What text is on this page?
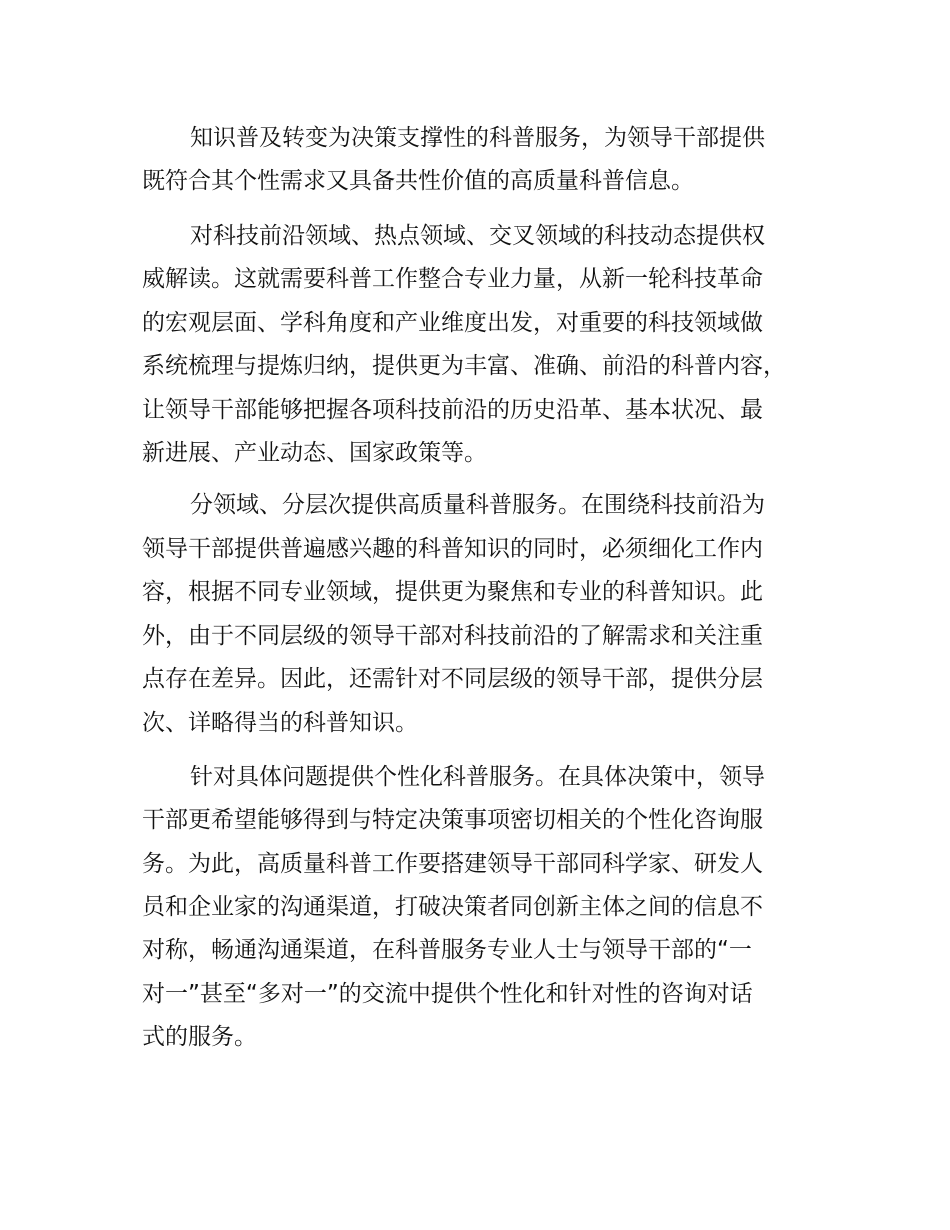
知识普及转变为决策支撑性的科普服务，为领导干部提供
既符合其个性需求又具备共性价值的高质量科普信息。
对科技前沿领域、热点领域、交叉领域的科技动态提供权
威解读。这就需要科普工作整合专业力量，从新一轮科技革命
的宏观层面、学科角度和产业维度出发，对重要的科技领域做
系统梳理与提炼归纳，提供更为丰富、准确、前沿的科普内容，
让领导干部能够把握各项科技前沿的历史沿革、基本状况、最
新进展、产业动态、国家政策等。
分领域、分层次提供高质量科普服务。在围绕科技前沿为
领导干部提供普遍感兴趣的科普知识的同时，必须细化工作内
容，根据不同专业领域，提供更为聚焦和专业的科普知识。此
外，由于不同层级的领导干部对科技前沿的了解需求和关注重
点存在差异。因此，还需针对不同层级的领导干部，提供分层
次、详略得当的科普知识。
针对具体问题提供个性化科普服务。在具体决策中，领导
干部更希望能够得到与特定决策事项密切相关的个性化咨询服
务。为此，高质量科普工作要搭建领导干部同科学家、研发人
员和企业家的沟通渠道，打破决策者同创新主体之间的信息不
对称，畅通沟通渠道，在科普服务专业人士与领导干部的“一
对一”甚至“多对一”的交流中提供个性化和针对性的咨询对话
式的服务。
